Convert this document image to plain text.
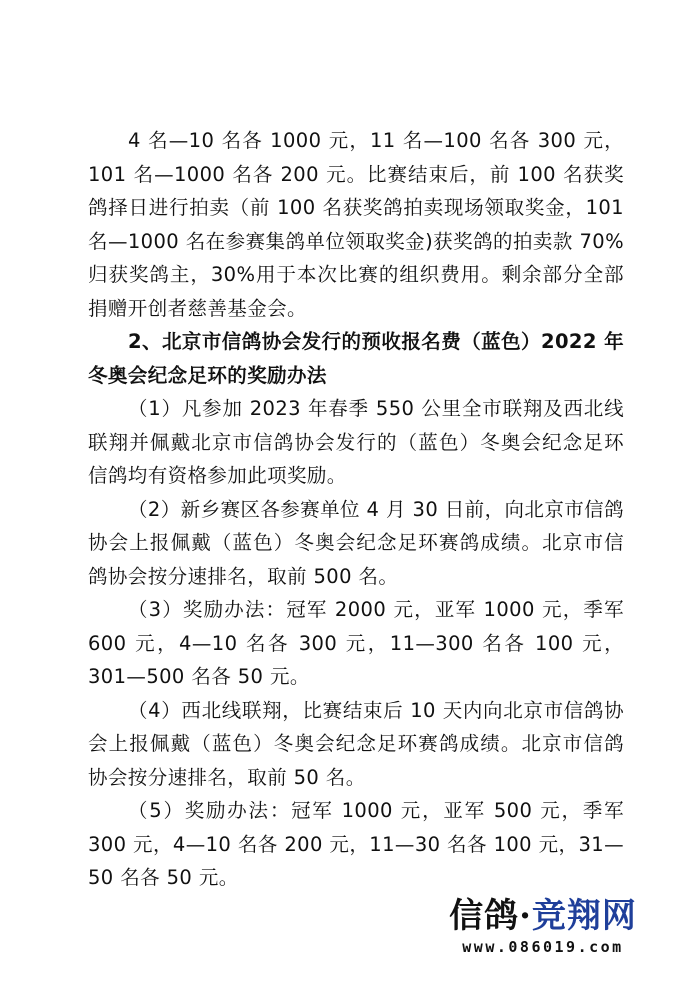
4 名—10 名各 1000 元，11 名—100 名各 300 元，101 名—1000 名各 200 元。比赛结束后，前 100 名获奖鸽择日进行拍卖（前 100 名获奖鸽拍卖现场领取奖金，101 名—1000 名在参赛集鸽单位领取奖金)获奖鸽的拍卖款 70%归获奖鸽主，30%用于本次比赛的组织费用。剩余部分全部捐赠开创者慈善基金会。

2、北京市信鸽协会发行的预收报名费（蓝色）2022 年冬奥会纪念足环的奖励办法

（1）凡参加 2023 年春季 550 公里全市联翔及西北线联翔并佩戴北京市信鸽协会发行的（蓝色）冬奥会纪念足环信鸽均有资格参加此项奖励。

（2）新乡赛区各参赛单位 4 月 30 日前，向北京市信鸽协会上报佩戴（蓝色）冬奥会纪念足环赛鸽成绩。北京市信鸽协会按分速排名，取前 500 名。

（3）奖励办法：冠军 2000 元，亚军 1000 元，季军 600 元，4—10 名各 300 元，11—300 名各 100 元，301—500 名各 50 元。

（4）西北线联翔，比赛结束后 10 天内向北京市信鸽协会上报佩戴（蓝色）冬奥会纪念足环赛鸽成绩。北京市信鸽协会按分速排名，取前 50 名。

（5）奖励办法：冠军 1000 元，亚军 500 元，季军 300 元，4—10 名各 200 元，11—30 名各 100 元，31—50 名各 50 元。

信鸽·竞翔网
www.086019.com
